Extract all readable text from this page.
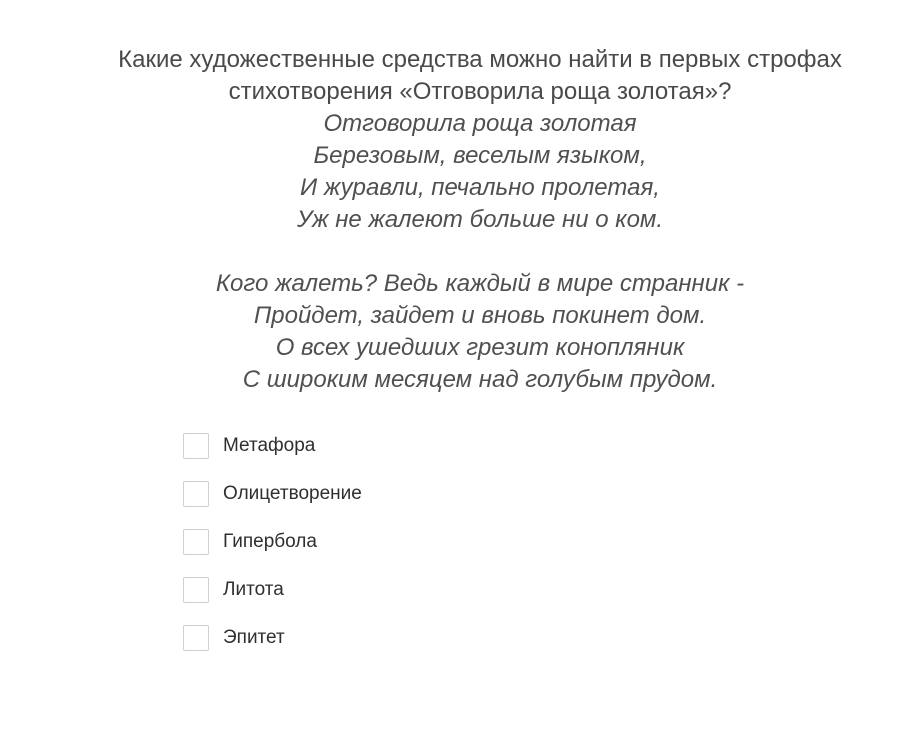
Какие художественные средства можно найти в первых строфах
стихотворения «Отговорила роща золотая»?
Отговорила роща золотая
Березовым, веселым языком,
И журавли, печально пролетая,
Уж не жалеют больше ни о ком.
Кого жалеть? Ведь каждый в мире странник -
Пройдет, зайдет и вновь покинет дом.
О всех ушедших грезит конопляник
С широким месяцем над голубым прудом.
Метафора
Олицетворение
Гипербола
Литота
Эпитет
